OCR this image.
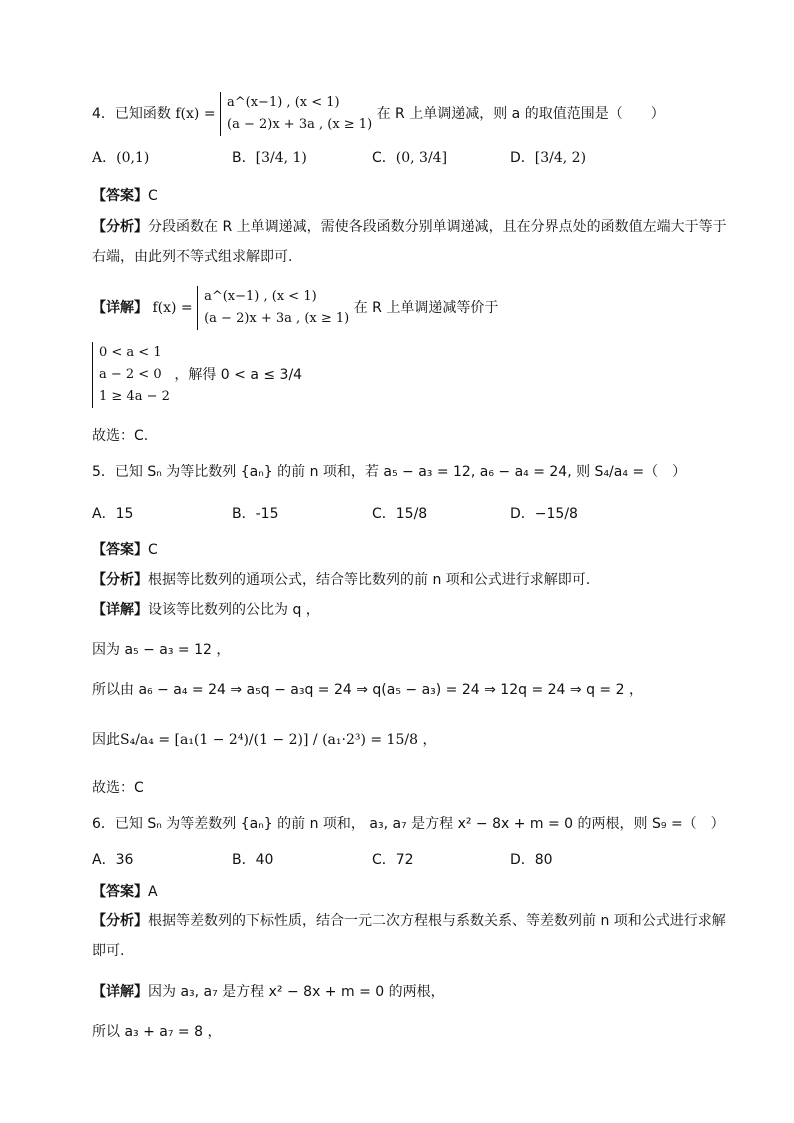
4．已知函数 f(x) =
a^(x−1) , (x < 1)
(a − 2)x + 3a , (x ≥ 1)
在 R 上单调递减，则 a 的取值范围是（　　）
A．(0,1)	B．[3/4, 1)	C．(0, 3/4]	D．[3/4, 2)
【答案】C
【分析】分段函数在 R 上单调递减，需使各段函数分别单调递减，且在分界点处的函数值左端大于等于右端，由此列不等式组求解即可.
【详解】 f(x) =
a^(x−1) , (x < 1)
(a − 2)x + 3a , (x ≥ 1)
在 R 上单调递减等价于
0 < a < 1
a − 2 < 0
1 ≥ 4a − 2
，解得 0 < a ≤ 3/4
故选：C.
5．已知 Sₙ 为等比数列 {aₙ} 的前 n 项和，若 a₅ − a₃ = 12, a₆ − a₄ = 24, 则 S₄/a₄ =（　）
A．15	B．-15	C．15/8	D．−15/8
【答案】C
【分析】根据等比数列的通项公式，结合等比数列的前 n 项和公式进行求解即可.
【详解】设该等比数列的公比为 q ，
因为 a₅ − a₃ = 12 ，
所以由 a₆ − a₄ = 24 ⇒ a₅q − a₃q = 24 ⇒ q(a₅ − a₃) = 24 ⇒ 12q = 24 ⇒ q = 2 ，
因此S₄/a₄ = [a₁(1 − 2⁴)/(1 − 2)] / (a₁·2³) = 15/8 ，
故选：C
6．已知 Sₙ 为等差数列 {aₙ} 的前 n 项和， a₃, a₇ 是方程 x² − 8x + m = 0 的两根，则 S₉ =（　）
A．36	B．40	C．72	D．80
【答案】A
【分析】根据等差数列的下标性质，结合一元二次方程根与系数关系、等差数列前 n 项和公式进行求解即可.
【详解】因为 a₃, a₇ 是方程 x² − 8x + m = 0 的两根，
所以 a₃ + a₇ = 8 ，
